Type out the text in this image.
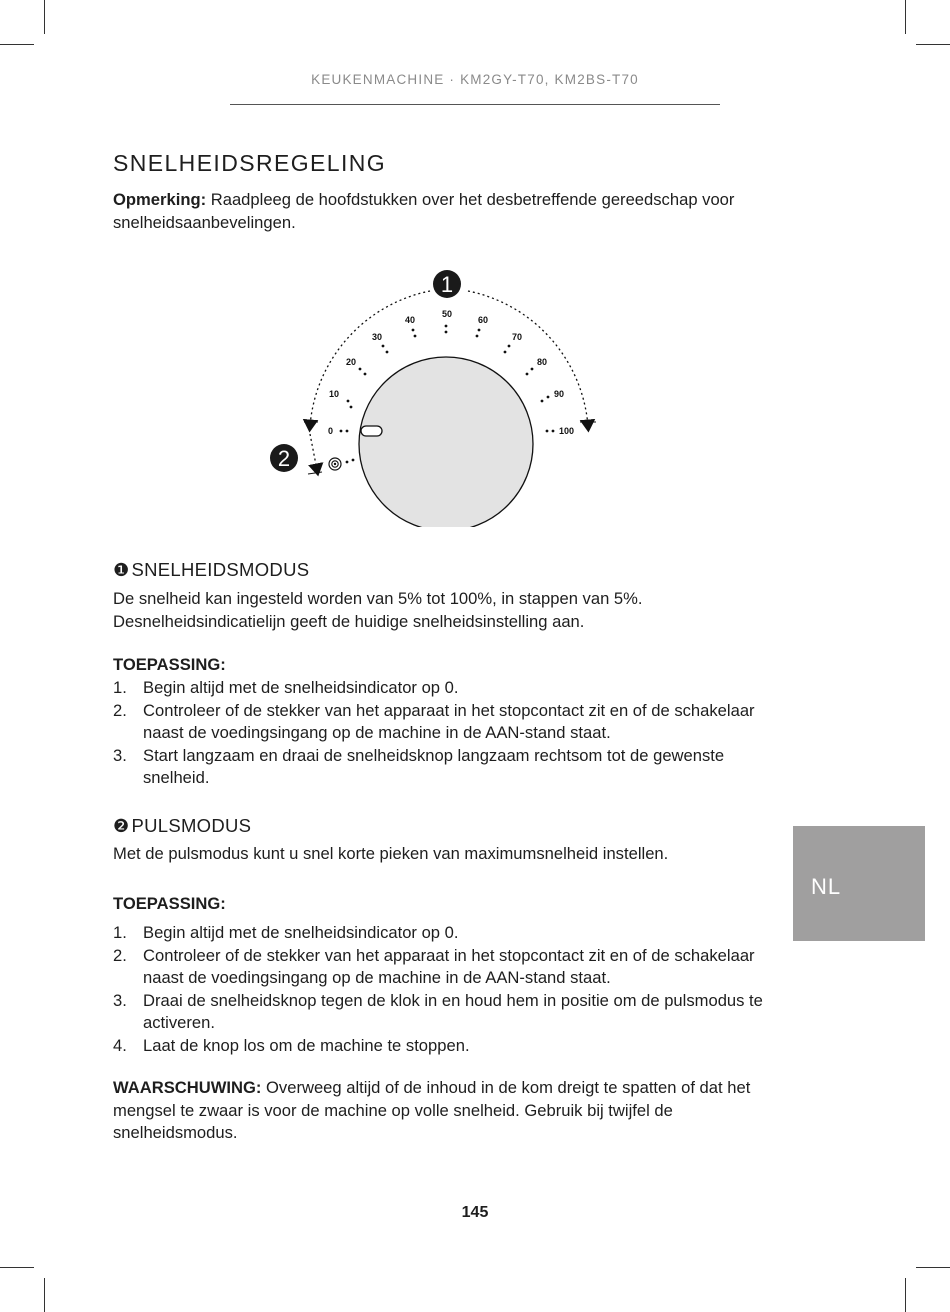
KEUKENMACHINE · KM2GY-T70, KM2BS-T70
SNELHEIDSREGELING
Opmerking: Raadpleeg de hoofdstukken over het desbetreffende gereedschap voor snelheidsaanbevelingen.
0
10
20
30
40
50
60
70
80
90
100
1
2
❶ SNELHEIDSMODUS
De snelheid kan ingesteld worden van 5% tot 100%, in stappen van 5%.
Desnelheidsindicatielijn geeft de huidige snelheidsinstelling aan.
TOEPASSING:
1. Begin altijd met de snelheidsindicator op 0.
2. Controleer of de stekker van het apparaat in het stopcontact zit en of de schakelaar naast de voedingsingang op de machine in de AAN-stand staat.
3. Start langzaam en draai de snelheidsknop langzaam rechtsom tot de gewenste snelheid.
❷ PULSMODUS
Met de pulsmodus kunt u snel korte pieken van maximumsnelheid instellen.
TOEPASSING:
1. Begin altijd met de snelheidsindicator op 0.
2. Controleer of de stekker van het apparaat in het stopcontact zit en of de schakelaar naast de voedingsingang op de machine in de AAN-stand staat.
3. Draai de snelheidsknop tegen de klok in en houd hem in positie om de pulsmodus te activeren.
4. Laat de knop los om de machine te stoppen.
WAARSCHUWING: Overweeg altijd of de inhoud in de kom dreigt te spatten of dat het mengsel te zwaar is voor de machine op volle snelheid. Gebruik bij twijfel de snelheidsmodus.
NL
145
